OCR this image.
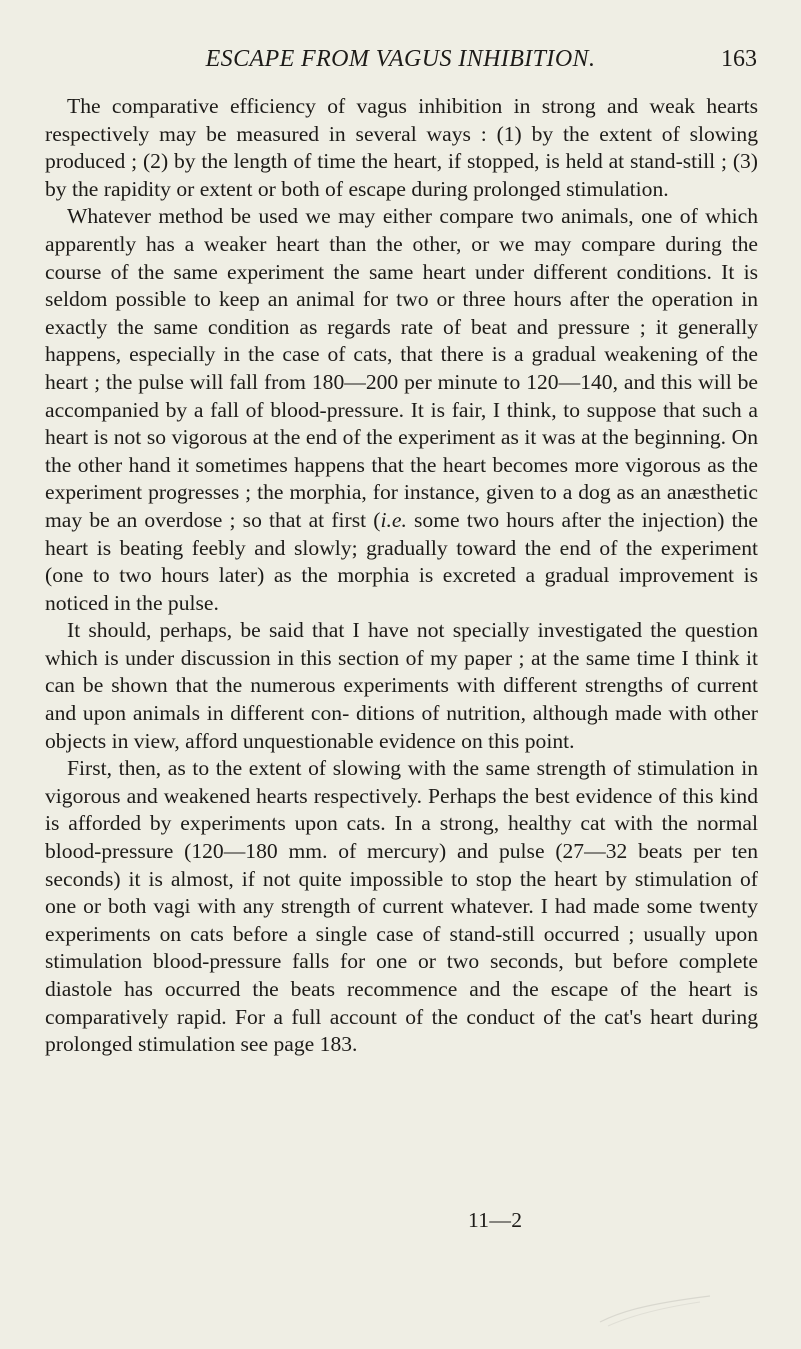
ESCAPE FROM VAGUS INHIBITION.	163

The comparative efficiency of vagus inhibition in strong and weak hearts respectively may be measured in several ways : (1) by the extent of slowing produced ; (2) by the length of time the heart, if stopped, is held at stand-still ; (3) by the rapidity or extent or both of escape during prolonged stimulation.

Whatever method be used we may either compare two animals, one of which apparently has a weaker heart than the other, or we may compare during the course of the same experiment the same heart under different conditions. It is seldom possible to keep an animal for two or three hours after the operation in exactly the same condition as regards rate of beat and pressure ; it generally happens, especially in the case of cats, that there is a gradual weakening of the heart ; the pulse will fall from 180—200 per minute to 120—140, and this will be accompanied by a fall of blood-pressure. It is fair, I think, to suppose that such a heart is not so vigorous at the end of the experiment as it was at the beginning. On the other hand it sometimes happens that the heart becomes more vigorous as the experiment progresses ; the morphia, for instance, given to a dog as an anæsthetic may be an overdose ; so that at first (i.e. some two hours after the injection) the heart is beating feebly and slowly; gradually toward the end of the experiment (one to two hours later) as the morphia is excreted a gradual improvement is noticed in the pulse.

It should, perhaps, be said that I have not specially investigated the question which is under discussion in this section of my paper ; at the same time I think it can be shown that the numerous experiments with different strengths of current and upon animals in different con- ditions of nutrition, although made with other objects in view, afford unquestionable evidence on this point.

First, then, as to the extent of slowing with the same strength of stimulation in vigorous and weakened hearts respectively. Perhaps the best evidence of this kind is afforded by experiments upon cats. In a strong, healthy cat with the normal blood-pressure (120—180 mm. of mercury) and pulse (27—32 beats per ten seconds) it is almost, if not quite impossible to stop the heart by stimulation of one or both vagi with any strength of current whatever. I had made some twenty experiments on cats before a single case of stand-still occurred ; usually upon stimulation blood-pressure falls for one or two seconds, but before complete diastole has occurred the beats recommence and the escape of the heart is comparatively rapid. For a full account of the conduct of the cat's heart during prolonged stimulation see page 183.

11—2
